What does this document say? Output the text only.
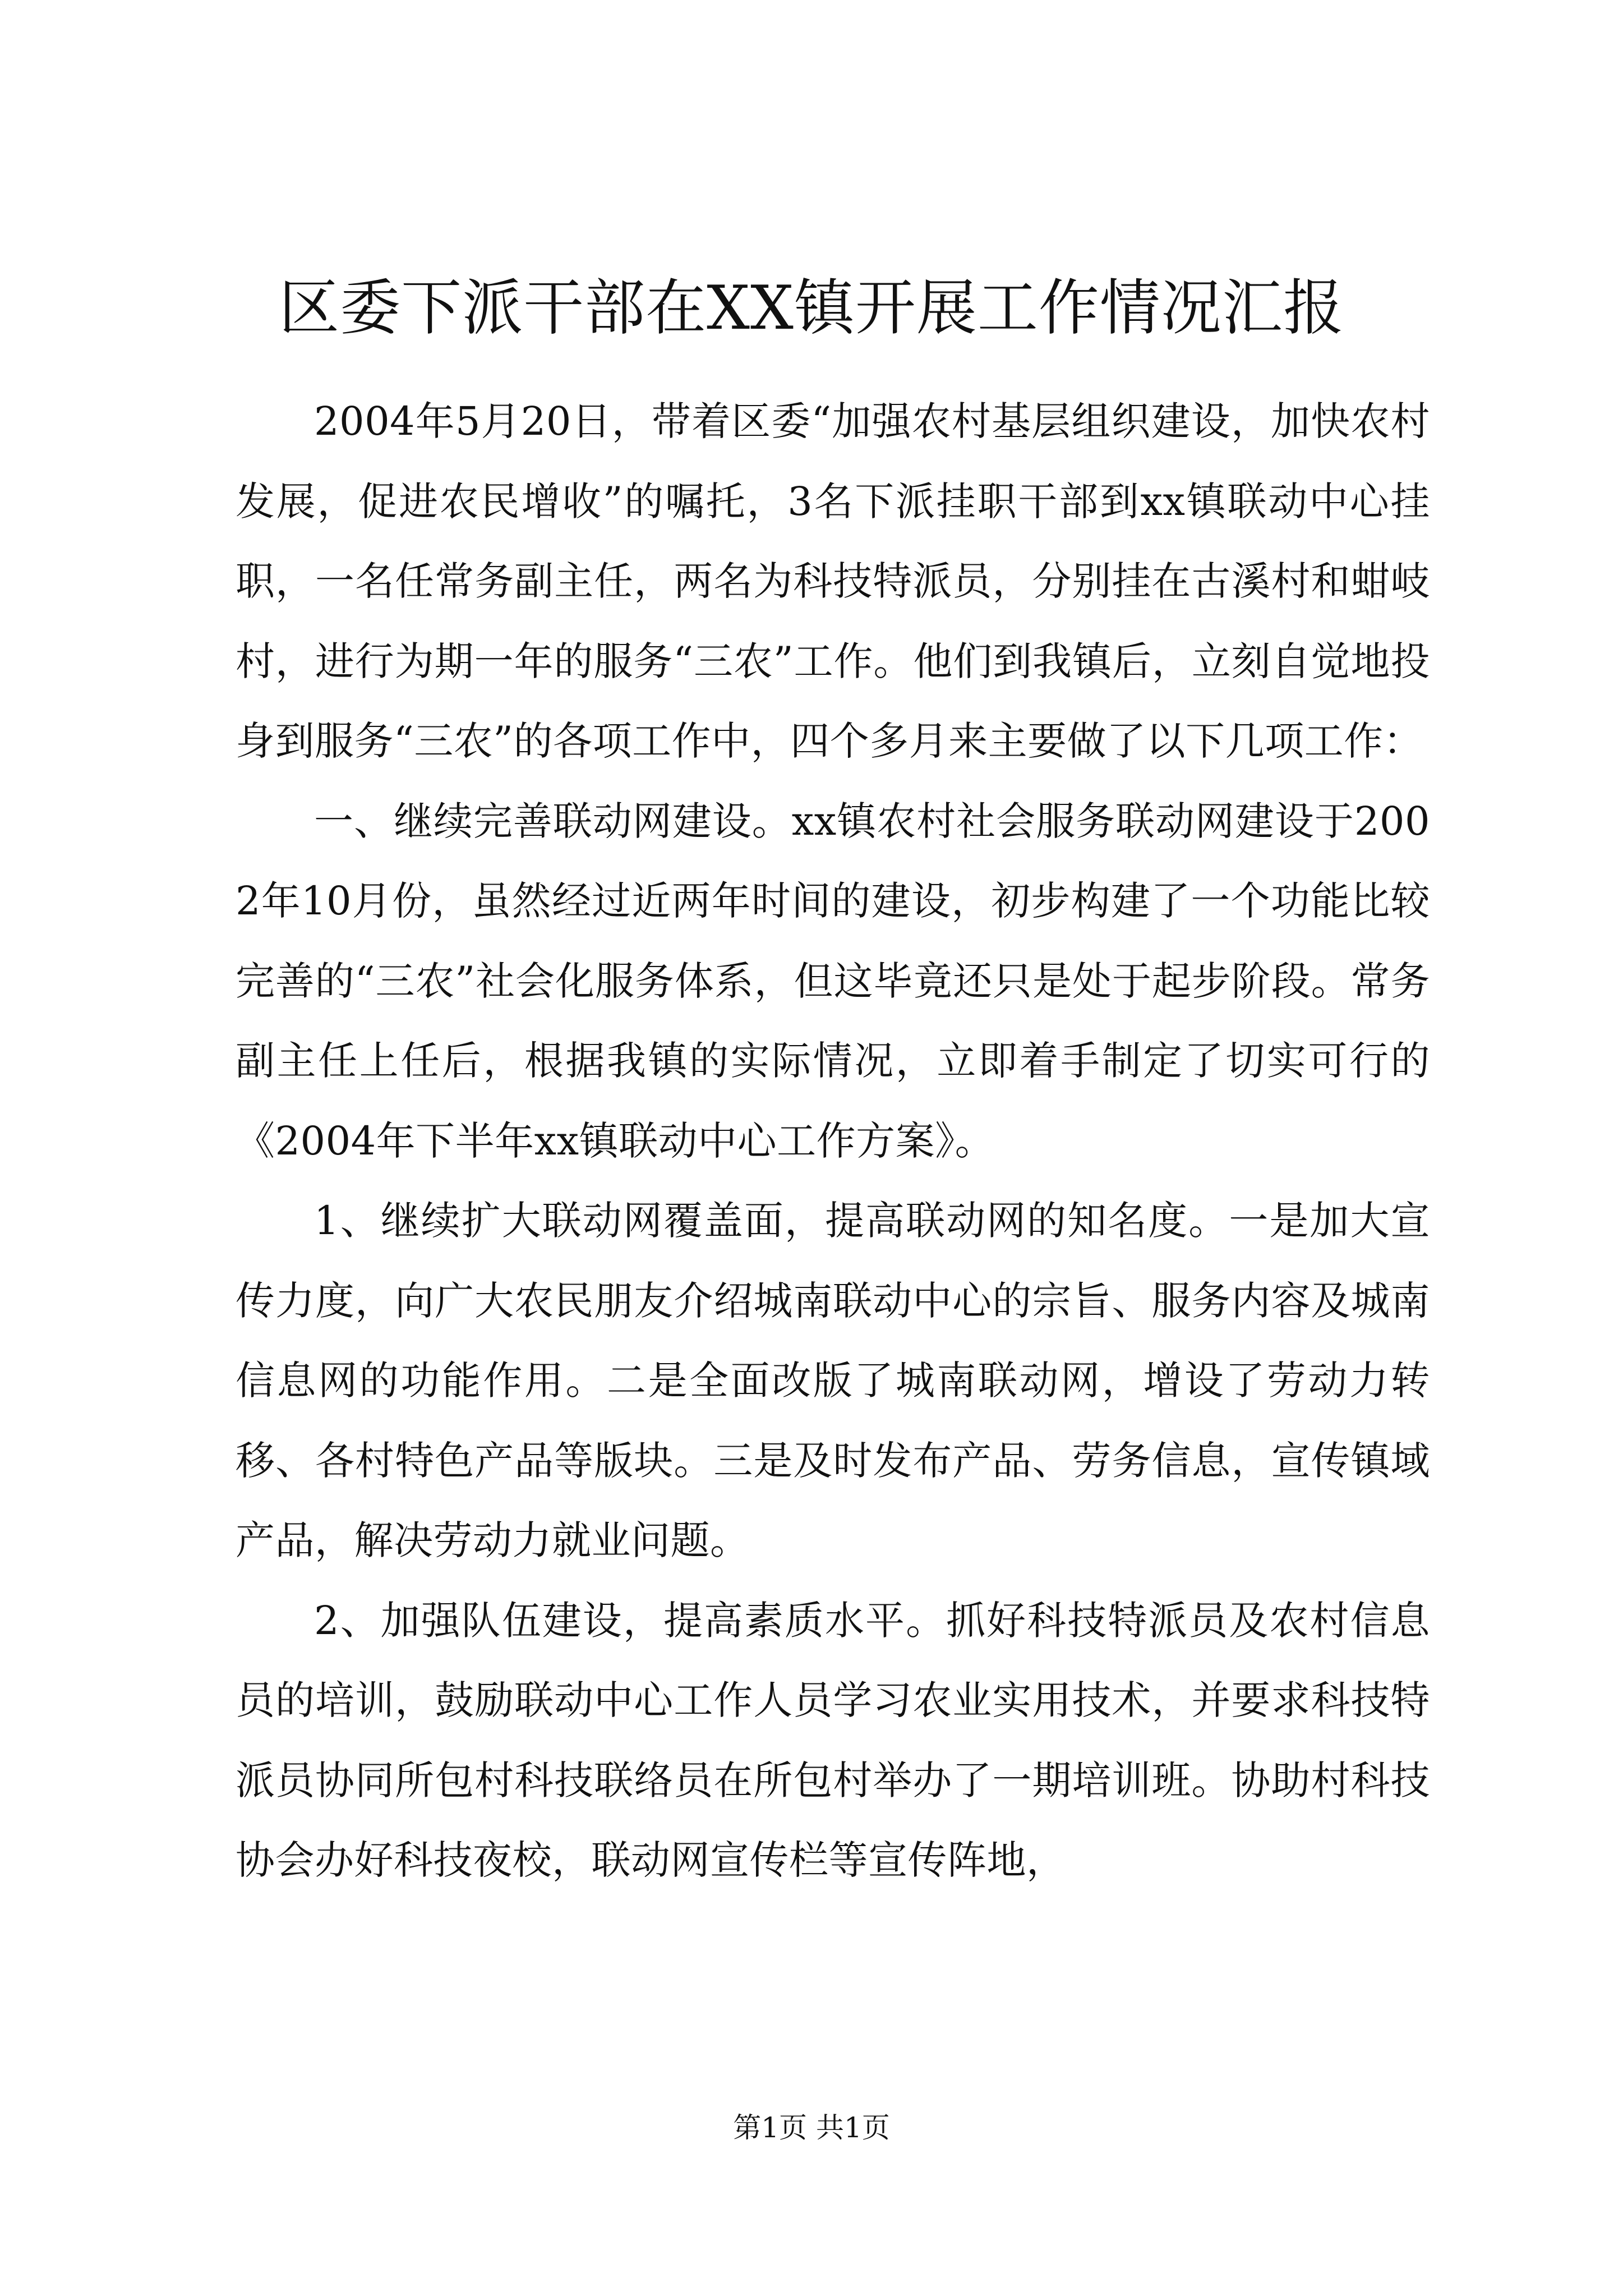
区委下派干部在XX镇开展工作情况汇报

2004年5月20日，带着区委“加强农村基层组织建设，加快农村发展，促进农民增收”的嘱托，3名下派挂职干部到xx镇联动中心挂职，一名任常务副主任，两名为科技特派员，分别挂在古溪村和蚶岐村，进行为期一年的服务“三农”工作。他们到我镇后，立刻自觉地投身到服务“三农”的各项工作中，四个多月来主要做了以下几项工作：

一、继续完善联动网建设。xx镇农村社会服务联动网建设于2002年10月份，虽然经过近两年时间的建设，初步构建了一个功能比较完善的“三农”社会化服务体系，但这毕竟还只是处于起步阶段。常务副主任上任后，根据我镇的实际情况，立即着手制定了切实可行的《2004年下半年xx镇联动中心工作方案》。

1、继续扩大联动网覆盖面，提高联动网的知名度。一是加大宣传力度，向广大农民朋友介绍城南联动中心的宗旨、服务内容及城南信息网的功能作用。二是全面改版了城南联动网，增设了劳动力转移、各村特色产品等版块。三是及时发布产品、劳务信息，宣传镇域产品，解决劳动力就业问题。

2、加强队伍建设，提高素质水平。抓好科技特派员及农村信息员的培训，鼓励联动中心工作人员学习农业实用技术，并要求科技特派员协同所包村科技联络员在所包村举办了一期培训班。协助村科技协会办好科技夜校，联动网宣传栏等宣传阵地，

第1页 共1页
